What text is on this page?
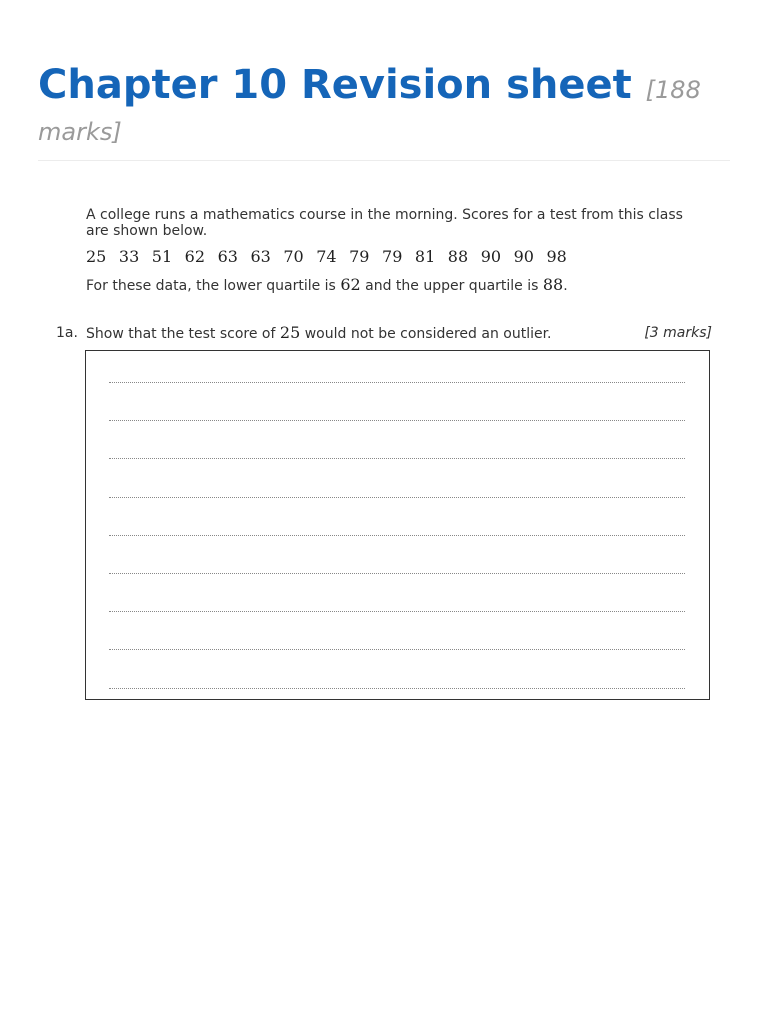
Chapter 10 Revision sheet [188 marks]
A college runs a mathematics course in the morning. Scores for a test from this class are shown below.
25 33 51 62 63 63 70 74 79 79 81 88 90 90 98
For these data, the lower quartile is 62 and the upper quartile is 88.
1a. Show that the test score of 25 would not be considered an outlier.	[3 marks]
